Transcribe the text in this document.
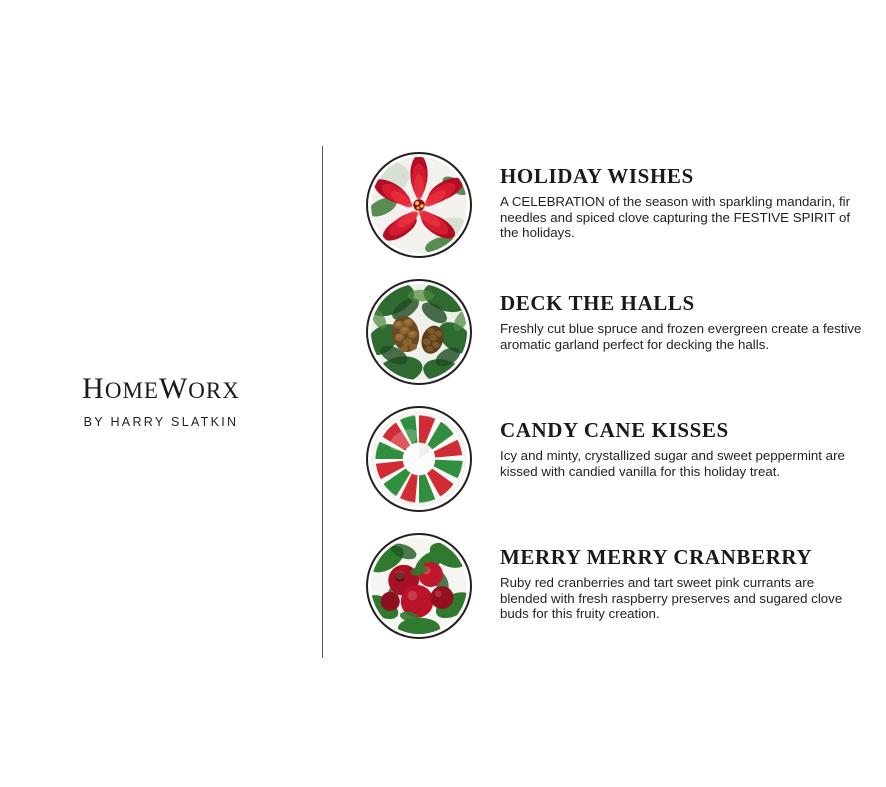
HOMEWORX
BY HARRY SLATKIN
HOLIDAY WISHES

A CELEBRATION of the season with sparkling mandarin, fir needles and spiced clove capturing the FESTIVE SPIRIT of the holidays.

DECK THE HALLS

Freshly cut blue spruce and frozen evergreen create a festive aromatic garland perfect for decking the halls.

CANDY CANE KISSES

Icy and minty, crystallized sugar and sweet peppermint are kissed with candied vanilla for this holiday treat.

MERRY MERRY CRANBERRY

Ruby red cranberries and tart sweet pink currants are blended with fresh raspberry preserves and sugared clove buds for this fruity creation.
